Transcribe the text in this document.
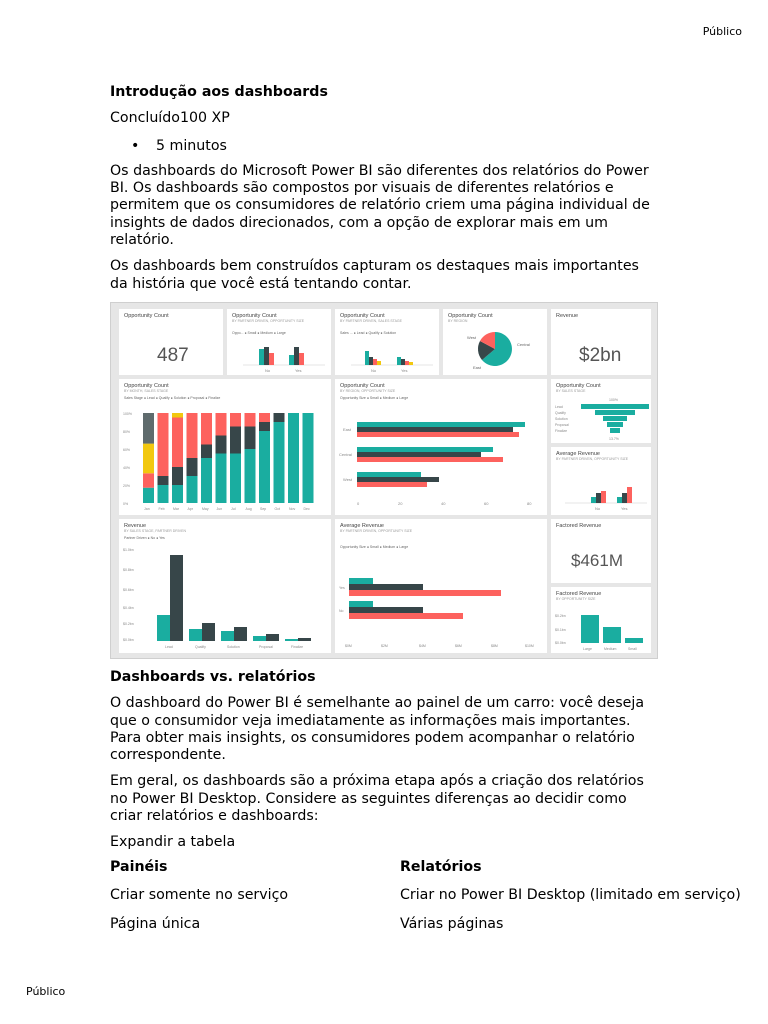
Público
Introdução aos dashboards

Concluído100 XP

• 5 minutos

Os dashboards do Microsoft Power BI são diferentes dos relatórios do Power BI. Os dashboards são compostos por visuais de diferentes relatórios e permitem que os consumidores de relatório criem uma página individual de insights de dados direcionados, com a opção de explorar mais em um relatório.

Os dashboards bem construídos capturam os destaques mais importantes da história que você está tentando contar.

Opportunity Count
487
Opportunity Count
BY PARTNER DRIVEN, OPPORTUNITY SIZE
Oppo... ● Small ● Medium ● Large
No	Yes
Opportunity Count
BY PARTNER DRIVEN, SALES STAGE
Sales ... ● Lead ● Qualify ● Solution
No	Yes
Opportunity Count
BY REGION
West
Central
East
Revenue
$2bn
Opportunity Count
BY MONTH, SALES STAGE
Sales Stage ● Lead ● Qualify ● Solution ● Proposal ● Finalize
100%
80%
60%
40%
20%
0%
Jan	Feb Mar Apr	May Jun	Jul	Aug Sep Oct	Nov Dec
Opportunity Count
BY REGION, OPPORTUNITY SIZE
Opportunity Size ● Small ● Medium ● Large
East
Central
West
0	20	40	60	80
Opportunity Count
BY SALES STAGE
100%
Lead
Qualify
Solution
Proposal
Finalize
13.7%
Average Revenue
BY PARTNER DRIVEN, OPPORTUNITY SIZE
No	Yes
Revenue
BY SALES STAGE, PARTNER DRIVEN
Partner Driven ● No ● Yes
$1.0bn
$0.8bn
$0.6bn
$0.4bn
$0.2bn
$0.0bn
Lead	Qualify	Solution	Proposal	Finalize
Average Revenue
BY PARTNER DRIVEN, OPPORTUNITY SIZE
Opportunity Size ● Small ● Medium ● Large
Yes
No
$0M	$2M	$4M	$6M	$8M	$10M
Factored Revenue
$461M
Factored Revenue
BY OPPORTUNITY SIZE
$0.2bn
$0.1bn
$0.0bn
Large	Medium	Small
Dashboards vs. relatórios

O dashboard do Power BI é semelhante ao painel de um carro: você deseja que o consumidor veja imediatamente as informações mais importantes. Para obter mais insights, os consumidores podem acompanhar o relatório correspondente.

Em geral, os dashboards são a próxima etapa após a criação dos relatórios no Power BI Desktop. Considere as seguintes diferenças ao decidir como criar relatórios e dashboards:

Expandir a tabela

Painéis	Relatórios
Criar somente no serviço	Criar no Power BI Desktop (limitado em serviço)
Página única	Várias páginas
Público
